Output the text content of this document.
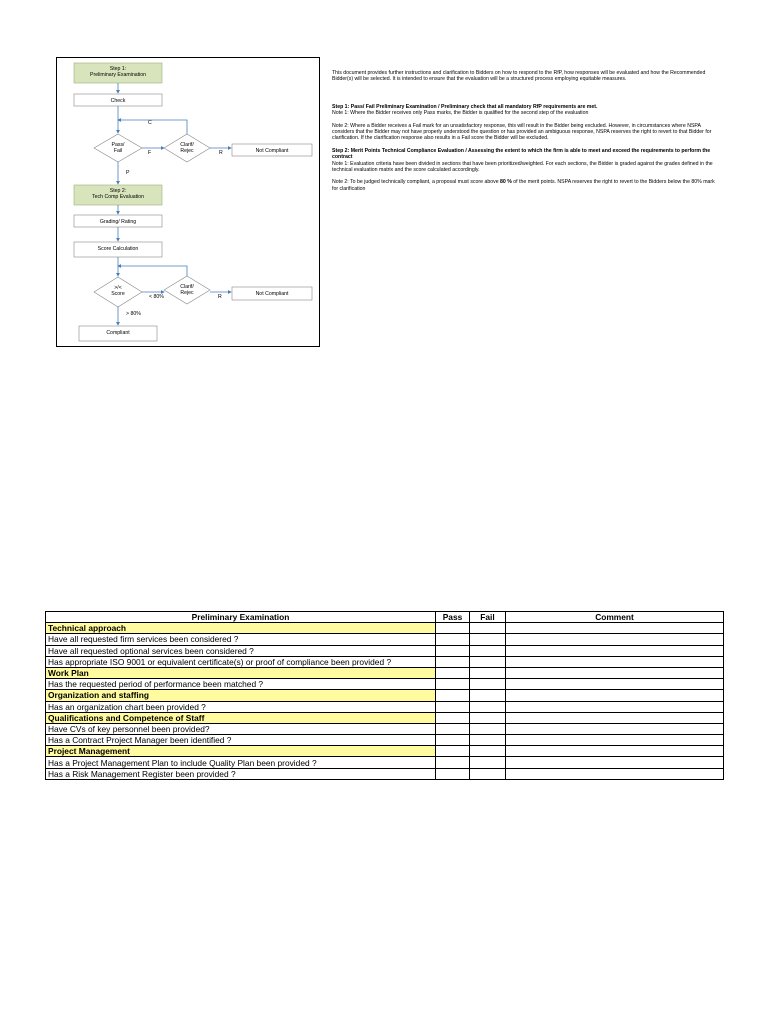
Step 1:
Preliminary Examination
Check
Pass/
Fail	F
Clarif/
Rejec
C
R	Not Compliant
P
Step 2:
Tech Comp Evaluation
Grading/ Rating
Score Calculation
>/<
Score	< 80%
Clarif/
Rejec
R	Not Compliant
> 80%
Compliant

This document provides further instructions and clarification to Bidders on how to respond to the RfP, how responses will be evaluated and how the Recommended Bidder(s) will be selected. It is intended to ensure that the evaluation will be a structured process employing equitable measures.

Step 1: Pass/ Fail Preliminary Examination / Preliminary check that all mandatory RfP requirements are met.

Note 1: Where the Bidder receives only Pass marks, the Bidder is qualified for the second step of the evaluation

Note 2: Where a Bidder receives a Fail mark for an unsatisfactory response, this will result in the Bidder being excluded. However, in circumstances where NSPA considers that the Bidder may not have properly understood the question or has provided an ambiguous response, NSPA reserves the right to revert to that Bidder for clarification. If the clarification response also results in a Fail score the Bidder will be excluded.

Step 2: Merit Points Technical Compliance Evaluation / Assessing the extent to which the firm is able to meet and exceed the requirements to perform the contract

Note 1: Evaluation criteria have been divided in sections that have been prioritized/weighted. For each sections, the Bidder is graded against the grades defined in the technical evaluation matrix and the score calculated accordingly.

Note 2: To be judged technically compliant, a proposal must score above 80 % of the merit points. NSPA reserves the right to revert to the Bidders below the 80% mark for clarification

Preliminary Examination	Pass	Fail	Comment
Technical approach			
Have all requested firm services been considered ?			
Have all requested optional services been considered ?			
Has appropriate ISO 9001 or equivalent certificate(s) or proof of compliance been provided ?			
Work Plan			
Has the requested period of performance been matched ?			
Organization and staffing			
Has an organization chart been provided ?			
Qualifications and Competence of Staff			
Have CVs of key personnel been provided?			
Has a Contract Project Manager been identified ?			
Project Management			
Has a Project Management Plan to include Quality Plan been provided ?			
Has a Risk Management Register been provided ?			
